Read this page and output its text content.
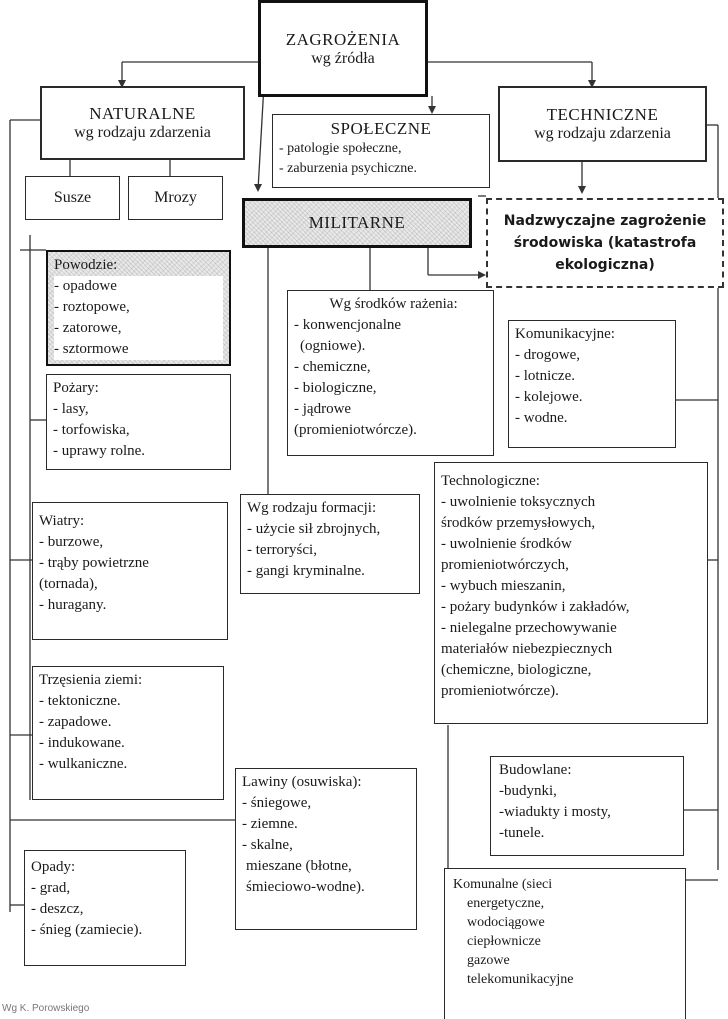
ZAGROŻENIA
wg źródła
NATURALNE
wg rodzaju zdarzenia	SPOŁECZNE
- patologie społeczne,
- zaburzenia psychiczne.
TECHNICZNE
wg rodzaju zdarzenia
Susze	Mrozy
MILITARNE	Nadzwyczajne zagrożenie
środowiska (katastrofa
ekologiczna)
Powodzie:
- opadowe
- roztopowe,
- zatorowe,
- sztormowe
Pożary:
- lasy,
- torfowiska,
- uprawy rolne.
Wiatry:
- burzowe,
- trąby powietrzne
(tornada),
- huragany.
Trzęsienia ziemi:
- tektoniczne.
- zapadowe.
- indukowane.
- wulkaniczne.
Opady:
- grad,
- deszcz,
- śnieg (zamiecie).
Wg środków rażenia:
- konwencjonalne
(ogniowe).
- chemiczne,
- biologiczne,
- jądrowe
(promieniotwórcze).
Wg rodzaju formacji:
- użycie sił zbrojnych,
- terroryści,
- gangi kryminalne.
Lawiny (osuwiska):
- śniegowe,
- ziemne.
- skalne,
mieszane (błotne,
śmieciowo-wodne).
Komunikacyjne:
- drogowe,
- lotnicze.
- kolejowe.
- wodne.
Technologiczne:
- uwolnienie toksycznych
środków przemysłowych,
- uwolnienie środków
promieniotwórczych,
- wybuch mieszanin,
- pożary budynków i zakładów,
- nielegalne przechowywanie
materiałów niebezpiecznych
(chemiczne, biologiczne,
promieniotwórcze).
Budowlane:
-budynki,
-wiadukty i mosty,
-tunele.
Komunalne (sieci
energetyczne,
wodociągowe
ciepłownicze
gazowe
telekomunikacyjne
Wg K. Porowskiego
